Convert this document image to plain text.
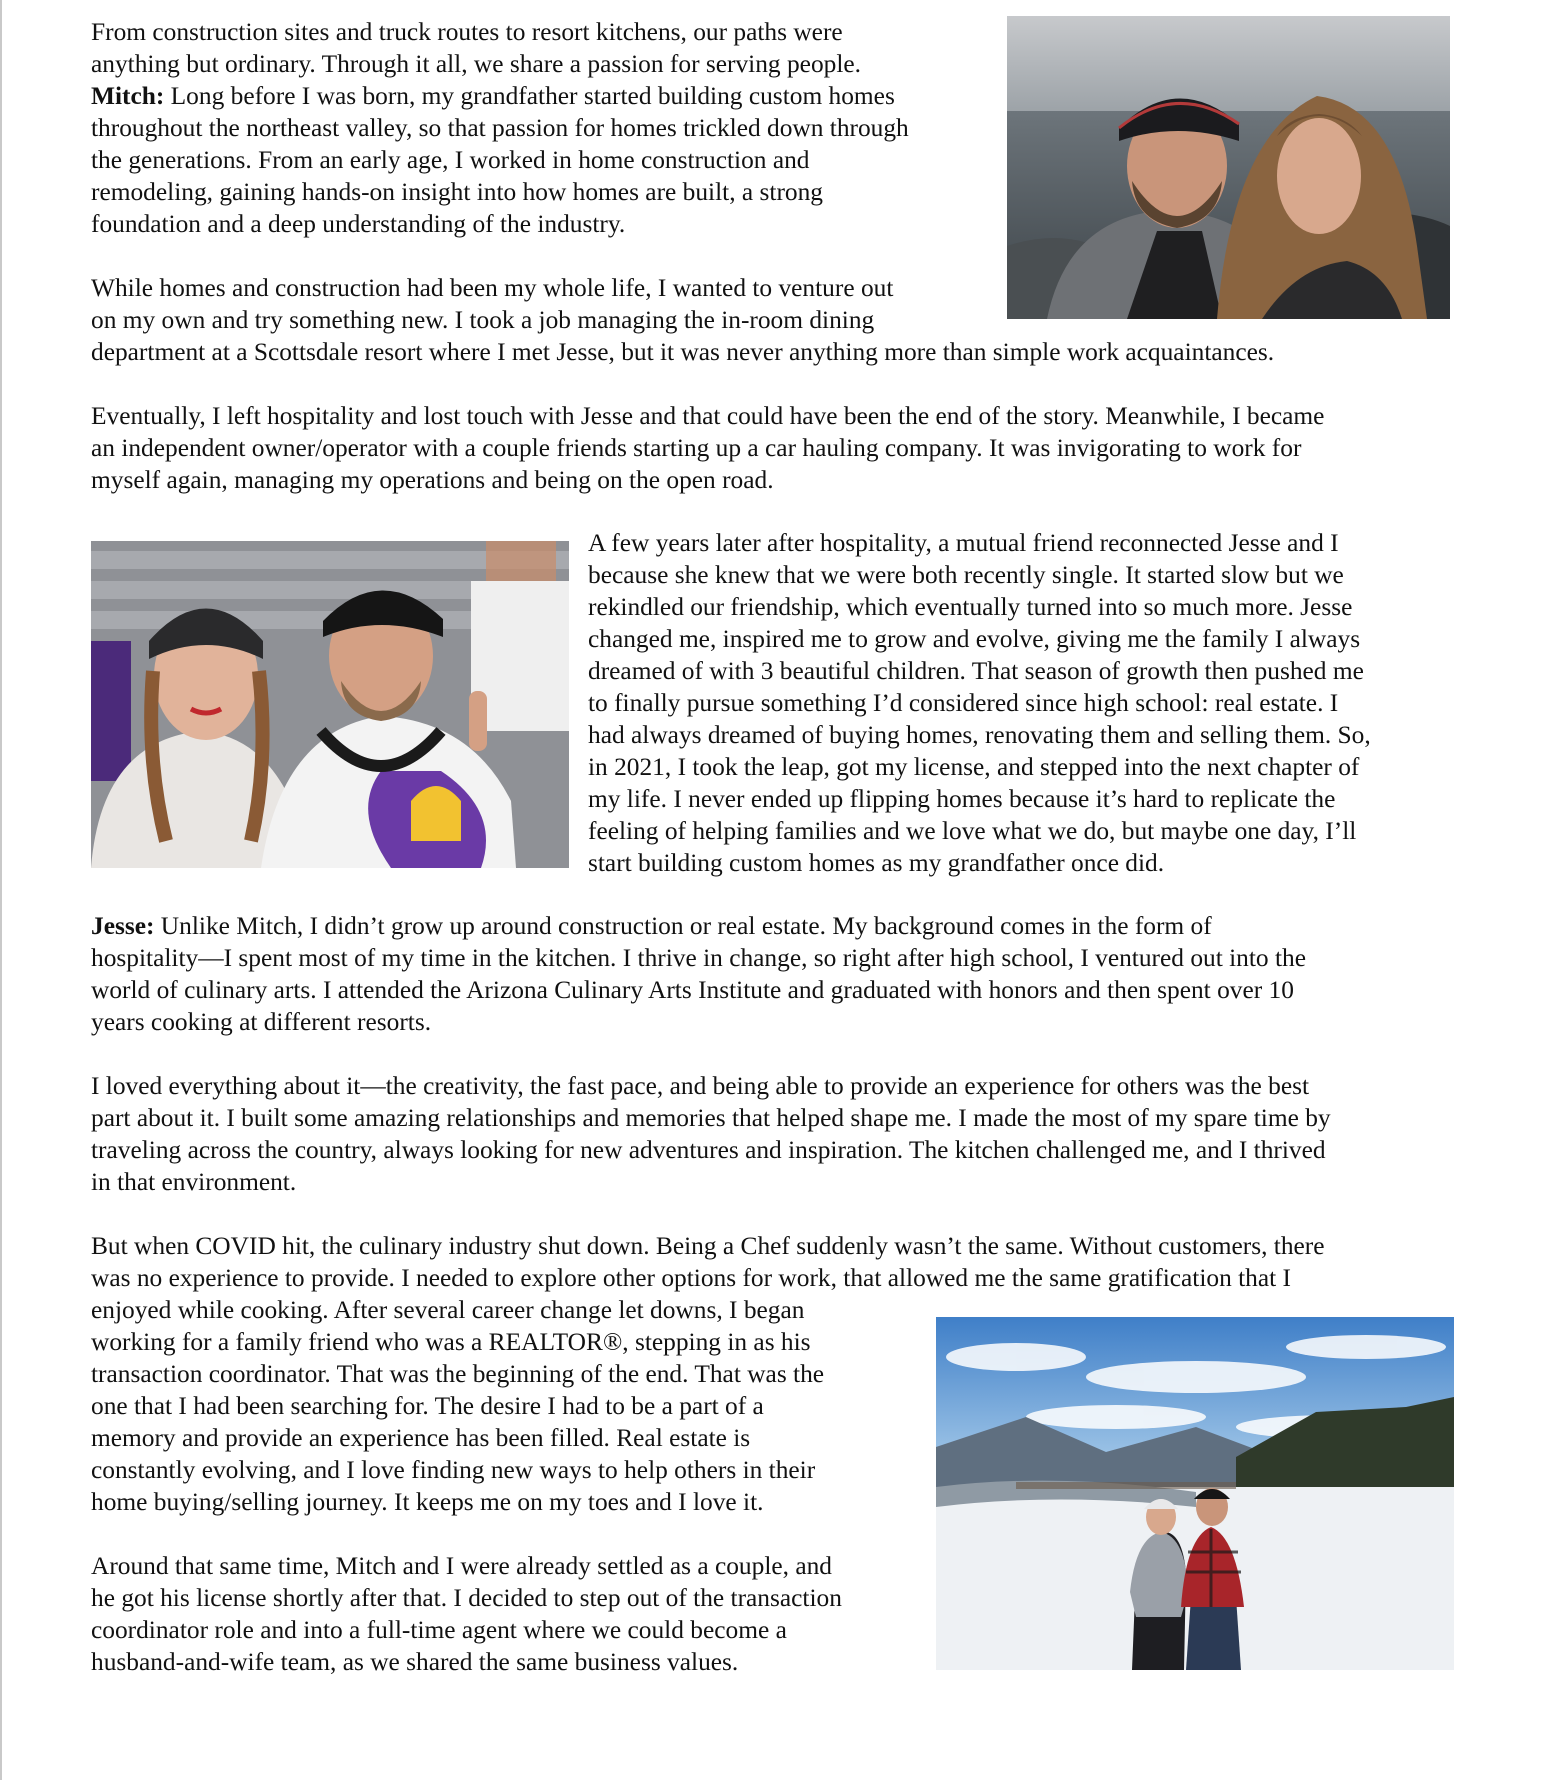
From construction sites and truck routes to resort kitchens, our paths were
anything but ordinary. Through it all, we share a passion for serving people.
Mitch: Long before I was born, my grandfather started building custom homes
throughout the northeast valley, so that passion for homes trickled down through
the generations. From an early age, I worked in home construction and
remodeling, gaining hands-on insight into how homes are built, a strong
foundation and a deep understanding of the industry.
While homes and construction had been my whole life, I wanted to venture out
on my own and try something new. I took a job managing the in-room dining
department at a Scottsdale resort where I met Jesse, but it was never anything more than simple work acquaintances.
Eventually, I left hospitality and lost touch with Jesse and that could have been the end of the story. Meanwhile, I became
an independent owner/operator with a couple friends starting up a car hauling company. It was invigorating to work for
myself again, managing my operations and being on the open road.
A few years later after hospitality, a mutual friend reconnected Jesse and I
because she knew that we were both recently single. It started slow but we
rekindled our friendship, which eventually turned into so much more. Jesse
changed me, inspired me to grow and evolve, giving me the family I always
dreamed of with 3 beautiful children. That season of growth then pushed me
to finally pursue something I’d considered since high school: real estate. I
had always dreamed of buying homes, renovating them and selling them. So,
in 2021, I took the leap, got my license, and stepped into the next chapter of
my life. I never ended up flipping homes because it’s hard to replicate the
feeling of helping families and we love what we do, but maybe one day, I’ll
start building custom homes as my grandfather once did.
Jesse: Unlike Mitch, I didn’t grow up around construction or real estate. My background comes in the form of
hospitality—I spent most of my time in the kitchen. I thrive in change, so right after high school, I ventured out into the
world of culinary arts. I attended the Arizona Culinary Arts Institute and graduated with honors and then spent over 10
years cooking at different resorts.
I loved everything about it—the creativity, the fast pace, and being able to provide an experience for others was the best
part about it. I built some amazing relationships and memories that helped shape me. I made the most of my spare time by
traveling across the country, always looking for new adventures and inspiration. The kitchen challenged me, and I thrived
in that environment.
But when COVID hit, the culinary industry shut down. Being a Chef suddenly wasn’t the same. Without customers, there
was no experience to provide. I needed to explore other options for work, that allowed me the same gratification that I
enjoyed while cooking. After several career change let downs, I began
working for a family friend who was a REALTOR®, stepping in as his
transaction coordinator. That was the beginning of the end. That was the
one that I had been searching for. The desire I had to be a part of a
memory and provide an experience has been filled. Real estate is
constantly evolving, and I love finding new ways to help others in their
home buying/selling journey. It keeps me on my toes and I love it.
Around that same time, Mitch and I were already settled as a couple, and
he got his license shortly after that. I decided to step out of the transaction
coordinator role and into a full-time agent where we could become a
husband-and-wife team, as we shared the same business values.
